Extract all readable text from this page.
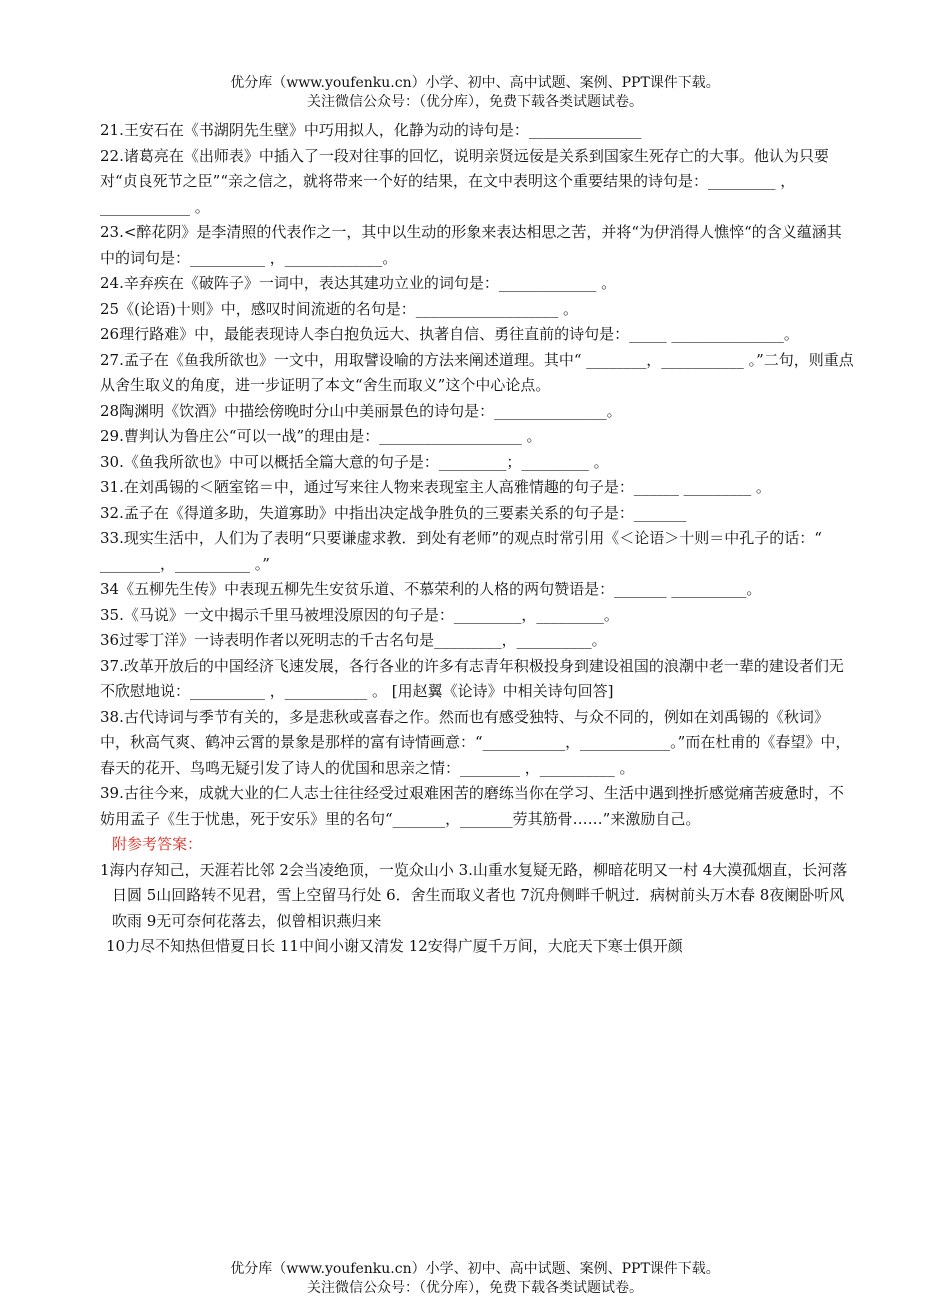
优分库（www.youfenku.cn）小学、初中、高中试题、案例、PPT课件下载。
关注微信公众号：（优分库），免费下载各类试题试卷。

21.王安石在《书湖阴先生壁》中巧用拟人，化静为动的诗句是：_______________

22.诸葛亮在《出师表》中插入了一段对往事的回忆，说明亲贤远佞是关系到国家生死存亡的大事。他认为只要对“贞良死节之臣”“亲之信之，就将带来一个好的结果，在文中表明这个重要结果的诗句是：_________ ，____________ 。

23.<醉花阴》是李清照的代表作之一，其中以生动的形象来表达相思之苦，并将“为伊消得人憔悴“的含义蕴涵其中的词句是：__________ ，_____________。

24.辛弃疾在《破阵子》一词中，表达其建功立业的词句是：_____________ 。

25《(论语)十则》中，感叹时间流逝的名句是：___________________ 。

26理行路难》中，最能表现诗人李白抱负远大、执著自信、勇往直前的诗句是：_____ _______________。

27.孟子在《鱼我所欲也》一文中，用取譬设喻的方法来阐述道理。其中“ ________，___________ 。”二句，则重点从舍生取义的角度，进一步证明了本文“舍生而取义”这个中心论点。

28陶渊明《饮酒》中描绘傍晚时分山中美丽景色的诗句是：_______________。

29.曹判认为鲁庄公“可以一战”的理由是：___________________ 。

30.《鱼我所欲也》中可以概括全篇大意的句子是：_________；_________ 。

31.在刘禹锡的＜陋室铭＝中，通过写来往人物来表现室主人高雅情趣的句子是：______ _________ 。

32.孟子在《得道多助，失道寡助》中指出决定战争胜负的三要素关系的句子是：_______

33.现实生活中，人们为了表明“只要谦虚求教．到处有老师”的观点时常引用《＜论语＞十则＝中孔子的话：“ ________，__________ 。”

34《五柳先生传》中表现五柳先生安贫乐道、不慕荣利的人格的两句赞语是：_______ __________。

35.《马说》一文中揭示千里马被埋没原因的句子是：_________，_________。

36过零丁洋》一诗表明作者以死明志的千古名句是_________，__________。

37.改革开放后的中国经济飞速发展，各行各业的许多有志青年积极投身到建设祖国的浪潮中老一辈的建设者们无不欣慰地说：__________ ，___________ 。 [用赵翼《论诗》中相关诗句回答]

38.古代诗词与季节有关的，多是悲秋或喜春之作。然而也有感受独特、与众不同的，例如在刘禹锡的《秋词》中，秋高气爽、鹤冲云霄的景象是那样的富有诗情画意：“___________，____________。”而在杜甫的《春望》中，春天的花开、鸟鸣无疑引发了诗人的优国和思亲之情：________ ，__________ 。

39.古往今来，成就大业的仁人志士往往经受过艰难困苦的磨练当你在学习、生活中遇到挫折感觉痛苦疲惫时，不妨用孟子《生于忧患，死于安乐》里的名句“_______，_______劳其筋骨……”来激励自己。

附参考答案：

1海内存知己，天涯若比邻 2会当凌绝顶，一览众山小 3.山重水复疑无路，柳暗花明又一村 4大漠孤烟直，长河落日圆 5山回路转不见君，雪上空留马行处 6．舍生而取义者也 7沉舟侧畔千帆过．病树前头万木春 8夜阑卧听风吹雨 9无可奈何花落去，似曾相识燕归来

10力尽不知热但惜夏日长 11中间小谢又清发 12安得广厦千万间，大庇天下寒士俱开颜

优分库（www.youfenku.cn）小学、初中、高中试题、案例、PPT课件下载。
关注微信公众号：（优分库），免费下载各类试题试卷。
